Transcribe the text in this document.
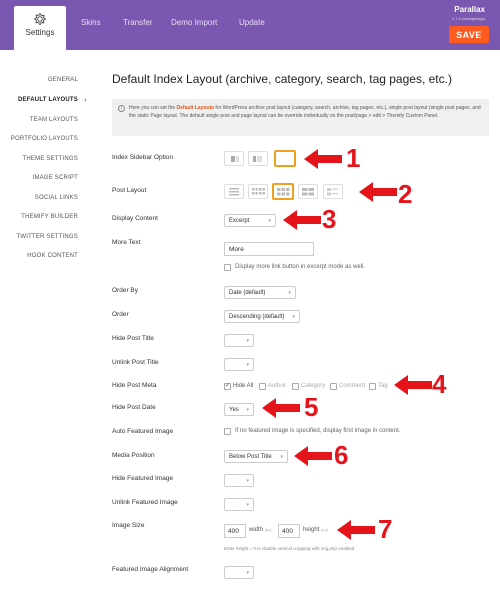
Settings
Skins	Transfer Demo Import	Update
Parallax
1.7.6 (changelogs)
SAVE
GENERAL
DEFAULT LAYOUTS ›
TEAM LAYOUTS
PORTFOLIO LAYOUTS
THEME SETTINGS
IMAGE SCRIPT
SOCIAL LINKS
THEMIFY BUILDER
TWITTER SETTINGS
HOOK CONTENT
Default Index Layout (archive, category, search, tag pages, etc.)
i	Here you can set the Default Layouts for WordPress archive post layout (category, search, archive, tag pages, etc.), single post layout (single post pages, and the static Page layout. The default single post and page layout can be override individually on the post/page > edit > Themify Custom Panel.
Index Sidebar Option
Post Layout
Display Content	Excerpt	▾
More Text
More
Display more link button in excerpt mode as well.
Order By	Date (default)	▾
Order	Descending (default) ▾
Hide Post Title	▾
Unlink Post Title	▾
Hide Post Meta
✓	Hide All Author	Category Comment Tag
Hide Post Date	Yes ▾
Auto Featured Image	If no featured image is specified, display first image in content.
Media Position	Below Post Title ▾
Hide Featured Image	▾
Unlink Featured Image	▾
Image Size
400	width (px)	400	height (px)
Enter height = 0 to disable vertical cropping with img.php enabled
Featured Image Alignment	▾
1
2
3
4
5
6
7
